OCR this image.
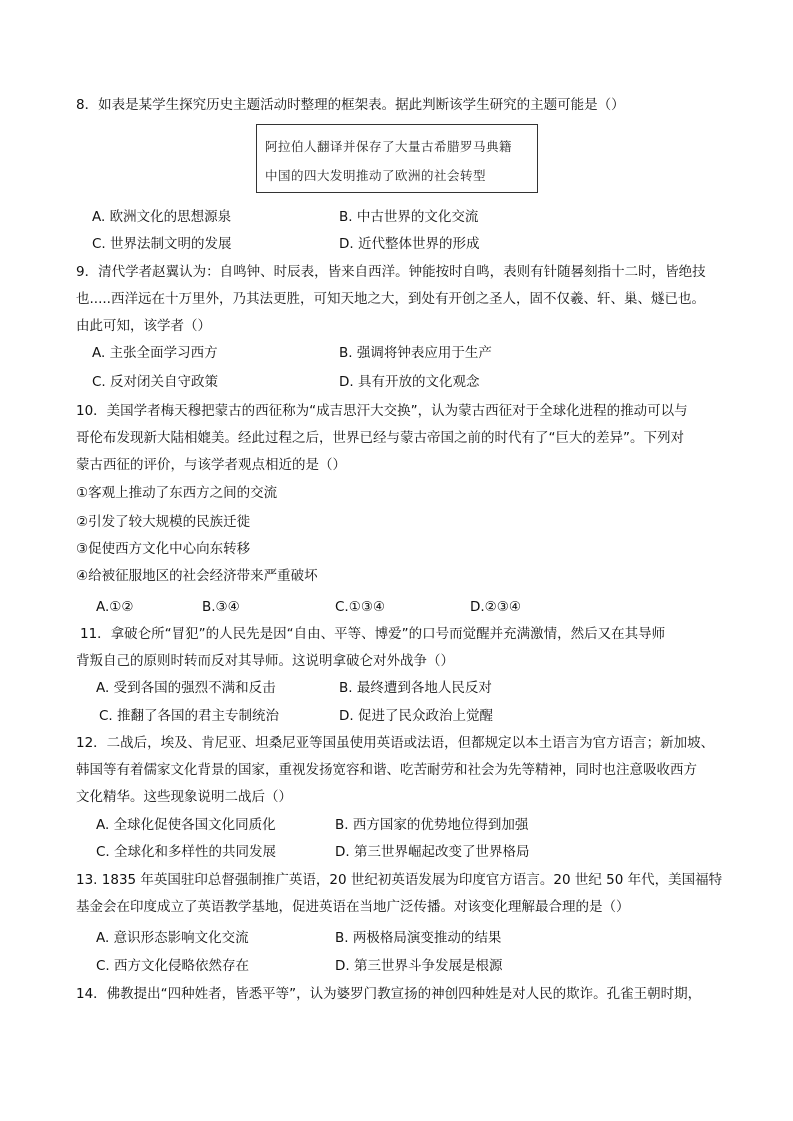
8．如表是某学生探究历史主题活动时整理的框架表。据此判断该学生研究的主题可能是（）
阿拉伯人翻译并保存了大量古希腊罗马典籍
中国的四大发明推动了欧洲的社会转型
A. 欧洲文化的思想源泉	B. 中古世界的文化交流
C. 世界法制文明的发展	D. 近代整体世界的形成
9．清代学者赵翼认为：自鸣钟、时辰表，皆来自西洋。钟能按时自鸣，表则有针随晷刻指十二时，皆绝技
也.....西洋远在十万里外，乃其法更胜，可知天地之大，到处有开创之圣人，固不仅羲、轩、巢、燧已也。
由此可知，该学者（）
A. 主张全面学习西方	B. 强调将钟表应用于生产
C. 反对闭关自守政策	D. 具有开放的文化观念
10．美国学者梅天穆把蒙古的西征称为“成吉思汗大交换”，认为蒙古西征对于全球化进程的推动可以与
哥伦布发现新大陆相媲美。经此过程之后，世界已经与蒙古帝国之前的时代有了“巨大的差异”。下列对
蒙古西征的评价，与该学者观点相近的是（）
①客观上推动了东西方之间的交流
②引发了较大规模的民族迁徙
③促使西方文化中心向东转移
④给被征服地区的社会经济带来严重破坏
A.①②	B.③④	C.①③④	D.②③④
11．拿破仑所“冒犯”的人民先是因“自由、平等、博爱”的口号而觉醒并充满激情，然后又在其导师
背叛自己的原则时转而反对其导师。这说明拿破仑对外战争（）
A. 受到各国的强烈不满和反击	B. 最终遭到各地人民反对
C. 推翻了各国的君主专制统治	D. 促进了民众政治上觉醒
12．二战后，埃及、肯尼亚、坦桑尼亚等国虽使用英语或法语，但都规定以本土语言为官方语言；新加坡、
韩国等有着儒家文化背景的国家，重视发扬宽容和谐、吃苦耐劳和社会为先等精神，同时也注意吸收西方
文化精华。这些现象说明二战后（）
A. 全球化促使各国文化同质化	B. 西方国家的优势地位得到加强
C. 全球化和多样性的共同发展	D. 第三世界崛起改变了世界格局
13. 1835 年英国驻印总督强制推广英语，20 世纪初英语发展为印度官方语言。20 世纪 50 年代，美国福特
基金会在印度成立了英语教学基地，促进英语在当地广泛传播。对该变化理解最合理的是（）
A. 意识形态影响文化交流	B. 两极格局演变推动的结果
C. 西方文化侵略依然存在	D. 第三世界斗争发展是根源
14．佛教提出“四种姓者，皆悉平等”，认为婆罗门教宣扬的神创四种姓是对人民的欺诈。孔雀王朝时期，
